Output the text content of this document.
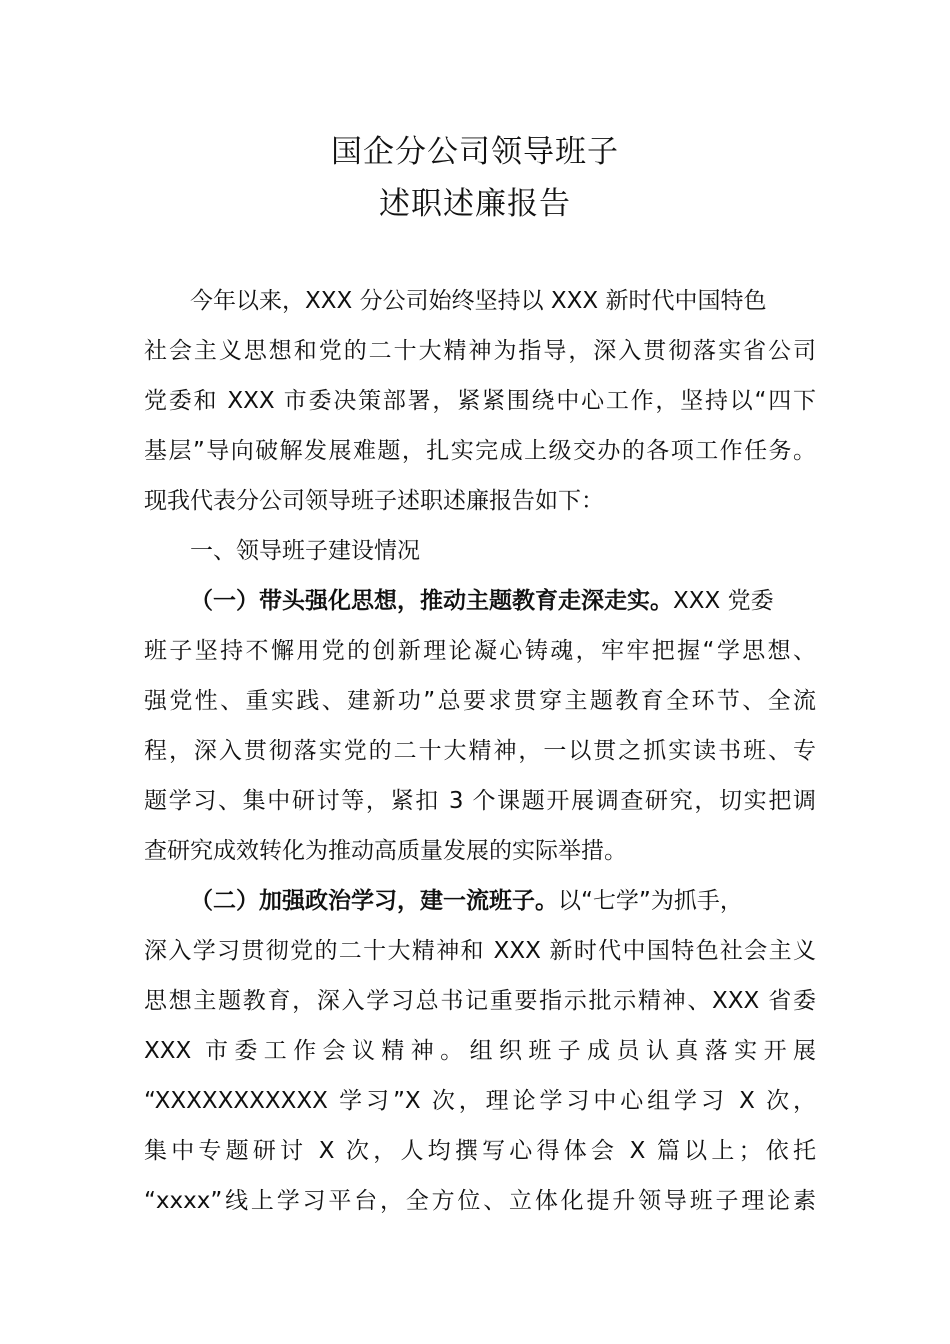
国企分公司领导班子
述职述廉报告
今年以来，XXX 分公司始终坚持以 XXX 新时代中国特色
社会主义思想和党的二十大精神为指导，深入贯彻落实省公司
党委和 XXX 市委决策部署，紧紧围绕中心工作，坚持以“四下
基层”导向破解发展难题，扎实完成上级交办的各项工作任务。
现我代表分公司领导班子述职述廉报告如下：
一、领导班子建设情况
（一）带头强化思想，推动主题教育走深走实。XXX 党委
班子坚持不懈用党的创新理论凝心铸魂，牢牢把握“学思想、
强党性、重实践、建新功”总要求贯穿主题教育全环节、全流
程，深入贯彻落实党的二十大精神，一以贯之抓实读书班、专
题学习、集中研讨等，紧扣 3 个课题开展调查研究，切实把调
查研究成效转化为推动高质量发展的实际举措。
（二）加强政治学习，建一流班子。以“七学”为抓手，
深入学习贯彻党的二十大精神和 XXX 新时代中国特色社会主义
思想主题教育，深入学习总书记重要指示批示精神、XXX 省委
XXX 市委工作会议精神。组织班子成员认真落实开展
“XXXXXXXXXXX 学习”X 次，理论学习中心组学习 X 次，
集中专题研讨 X 次，人均撰写心得体会 X 篇以上；依托
“xxxx”线上学习平台，全方位、立体化提升领导班子理论素
